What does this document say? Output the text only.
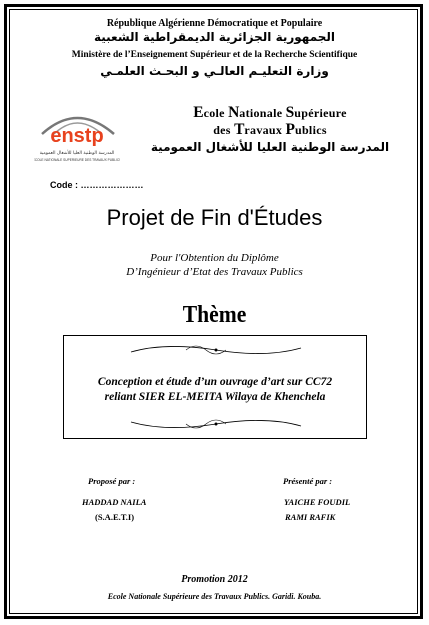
République Algérienne Démocratique et Populaire
الجمهورية الجزائرية الديمقراطية الشعبية
Ministère de l’Enseignement Supérieur et de la Recherche Scientifique
وزارة التعليـم العالـي و البحـث العلمـي
enstp
المدرسة الوطنية العليا للأشغال العمومية
ECOLE NATIONALE SUPERIEURE DES TRAVAUX PUBLICS
Ecole Nationale Supérieure
des Travaux Publics
المدرسة الوطنية العليا للأشغال العمومية
Code : …………………
Projet de Fin d'Études
Pour l'Obtention du Diplôme
D’Ingénieur d’Etat des Travaux Publics
Thème
Conception et étude d’un ouvrage d’art sur CC72
reliant SIER EL-MEITA Wilaya de Khenchela
Proposé par :	Présenté par :
HADDAD NAILA
(S.A.E.T.I)
YAICHE FOUDIL
RAMI RAFIK
Promotion 2012
Ecole Nationale Supérieure des Travaux Publics. Garidi. Kouba.
